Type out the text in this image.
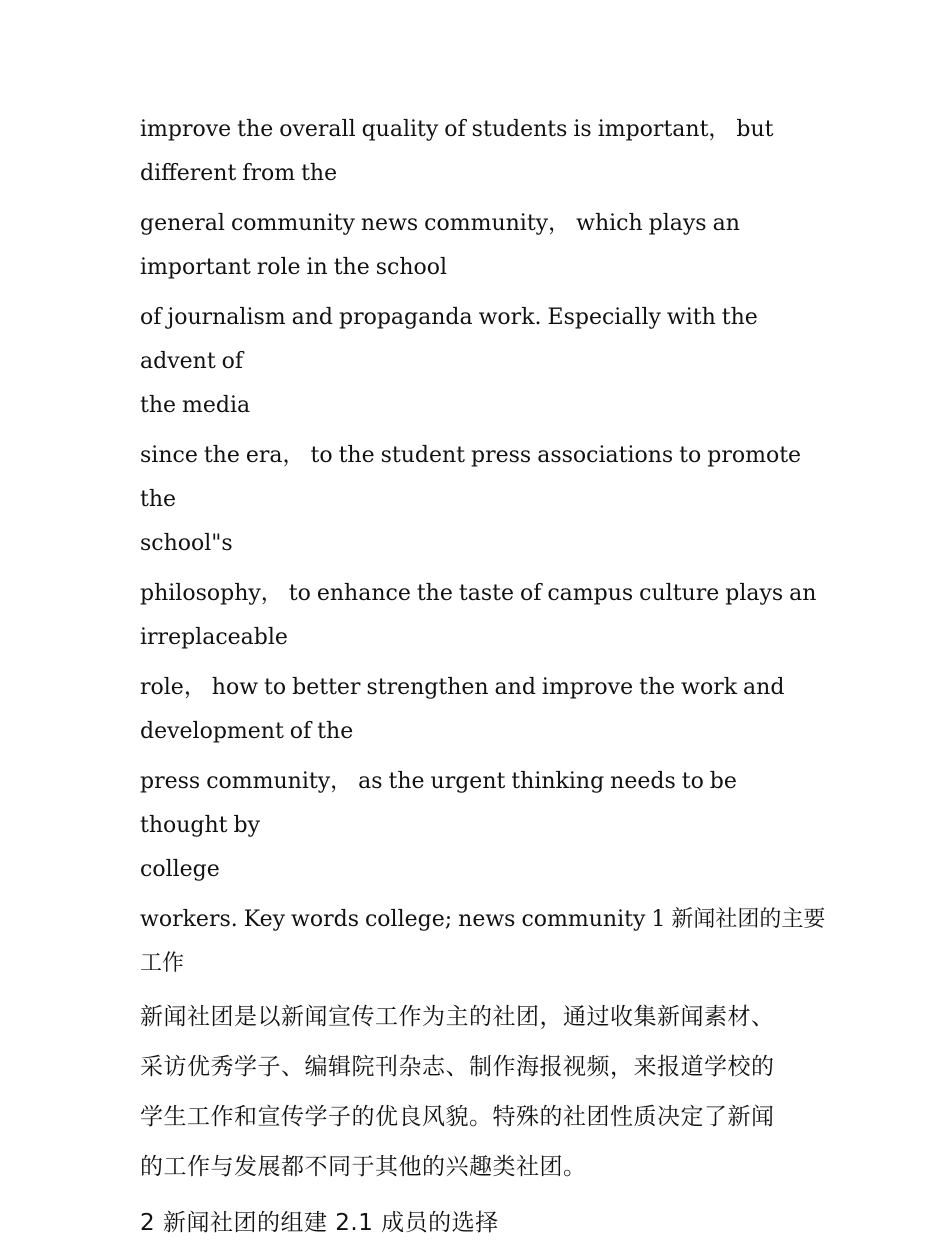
improve the overall quality of students is important， but
different from the

general community news community， which plays an
important role in the school

of journalism and propaganda work. Especially with the advent of
the media

since the era， to the student press associations to promote the
school"s

philosophy， to enhance the taste of campus culture plays an
irreplaceable

role， how to better strengthen and improve the work and
development of the

press community， as the urgent thinking needs to be thought by
college

workers. Key words college; news community 1 新闻社团的主要
工作

新闻社团是以新闻宣传工作为主的社团，通过收集新闻素材、
采访优秀学子、编辑院刊杂志、制作海报视频，来报道学校的
学生工作和宣传学子的优良风貌。特殊的社团性质决定了新闻
的工作与发展都不同于其他的兴趣类社团。

2 新闻社团的组建 2.1 成员的选择
